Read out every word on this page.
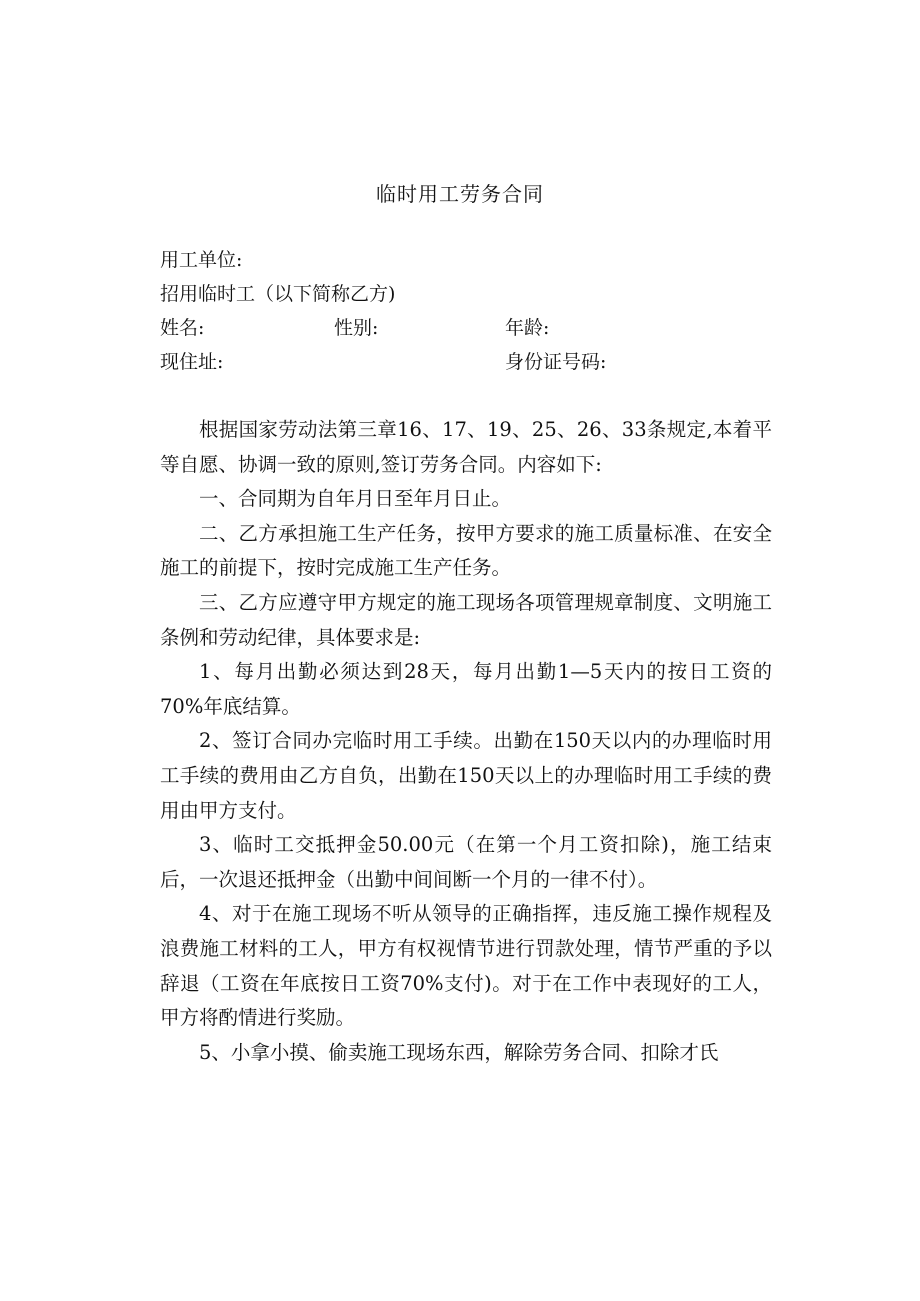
临时用工劳务合同
用工单位:
招用临时工（以下简称乙方)
姓名:	性别:	年龄:
现住址:	身份证号码:

根据国家劳动法第三章16、17、19、25、26、33条规定,本着平等自愿、协调一致的原则,签订劳务合同。内容如下:

一、合同期为自年月日至年月日止。

二、乙方承担施工生产任务，按甲方要求的施工质量标准、在安全施工的前提下，按时完成施工生产任务。

三、乙方应遵守甲方规定的施工现场各项管理规章制度、文明施工条例和劳动纪律，具体要求是:

1、每月出勤必须达到28天，每月出勤1—5天内的按日工资的70%年底结算。

2、签订合同办完临时用工手续。出勤在150天以内的办理临时用工手续的费用由乙方自负，出勤在150天以上的办理临时用工手续的费用由甲方支付。

3、临时工交抵押金50.00元（在第一个月工资扣除)，施工结束后，一次退还抵押金（出勤中间间断一个月的一律不付）。

4、对于在施工现场不听从领导的正确指挥，违反施工操作规程及浪费施工材料的工人，甲方有权视情节进行罚款处理，情节严重的予以辞退（工资在年底按日工资70%支付)。对于在工作中表现好的工人，甲方将酌情进行奖励。

5、小拿小摸、偷卖施工现场东西，解除劳务合同、扣除才氏
